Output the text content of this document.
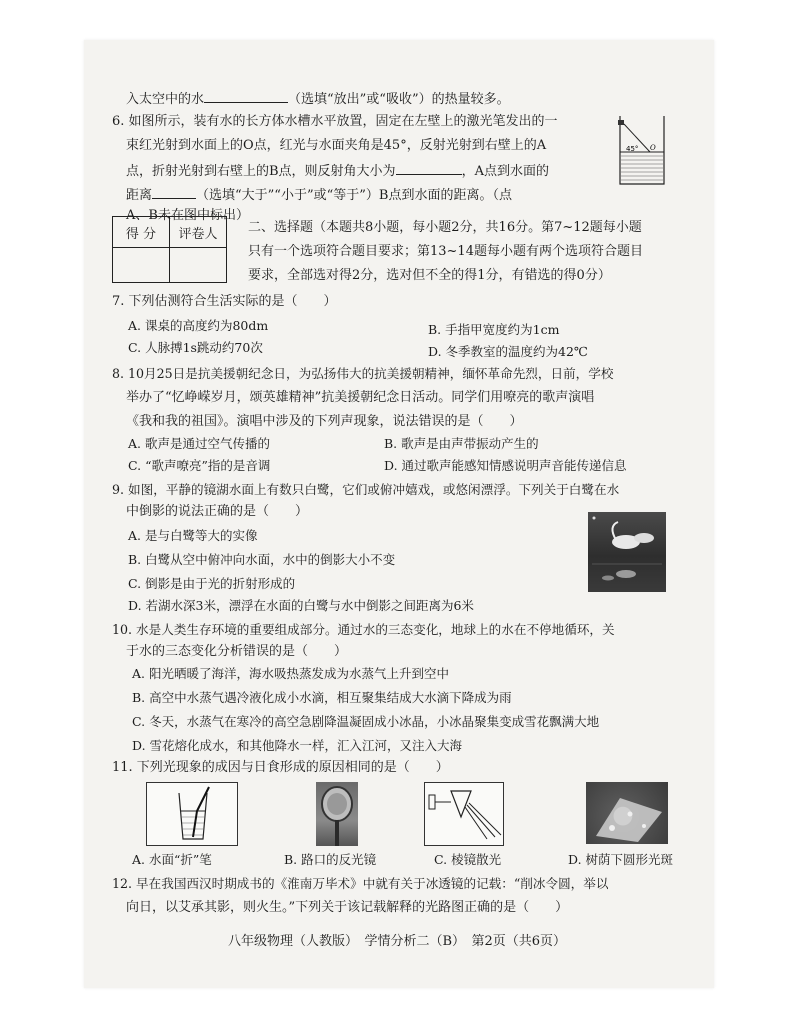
入太空中的水	（选填“放出”或“吸收”）的热量较多。
6. 如图所示，装有水的长方体水槽水平放置，固定在左壁上的激光笔发出的一
束红光射到水面上的O点，红光与水面夹角是45°，反射光射到右壁上的A
点，折射光射到右壁上的B点，则反射角大小为	，A点到水面的
距离	（选填“大于”“小于”或“等于”）B点到水面的距离。（点
A、B未在图中标出）
45° O
得 分	评卷人
	二、选择题（本题共8小题，每小题2分，共16分。第7~12题每小题
只有一个选项符合题目要求；第13~14题每小题有两个选项符合题目
要求，全部选对得2分，选对但不全的得1分，有错选的得0分）
7. 下列估测符合生活实际的是（　　）
A. 课桌的高度约为80dm	B. 手指甲宽度约为1cm
C. 人脉搏1s跳动约70次	D. 冬季教室的温度约为42℃
8. 10月25日是抗美援朝纪念日，为弘扬伟大的抗美援朝精神，缅怀革命先烈，日前，学校
举办了“忆峥嵘岁月，颂英雄精神”抗美援朝纪念日活动。同学们用嘹亮的歌声演唱
《我和我的祖国》。演唱中涉及的下列声现象，说法错误的是（　　）
A. 歌声是通过空气传播的	B. 歌声是由声带振动产生的
C. “歌声嘹亮”指的是音调	D. 通过歌声能感知情感说明声音能传递信息
9. 如图，平静的镜湖水面上有数只白鹭，它们或俯冲嬉戏，或悠闲漂浮。下列关于白鹭在水
中倒影的说法正确的是（　　）
A. 是与白鹭等大的实像
B. 白鹭从空中俯冲向水面，水中的倒影大小不变
C. 倒影是由于光的折射形成的
D. 若湖水深3米，漂浮在水面的白鹭与水中倒影之间距离为6米
10. 水是人类生存环境的重要组成部分。通过水的三态变化，地球上的水在不停地循环，关
于水的三态变化分析错误的是（　　）
A. 阳光晒暖了海洋，海水吸热蒸发成为水蒸气上升到空中
B. 高空中水蒸气遇冷液化成小水滴，相互聚集结成大水滴下降成为雨
C. 冬天，水蒸气在寒冷的高空急剧降温凝固成小冰晶，小冰晶聚集变成雪花飘满大地
D. 雪花熔化成水，和其他降水一样，汇入江河，又注入大海
11. 下列光现象的成因与日食形成的原因相同的是（　　）
A. 水面“折”笔	B. 路口的反光镜	C. 棱镜散光	D. 树荫下圆形光斑
12. 早在我国西汉时期成书的《淮南万毕术》中就有关于冰透镜的记载：“削冰令圆，举以
向日，以艾承其影，则火生。”下列关于该记载解释的光路图正确的是（　　）
八年级物理（人教版）　学情分析二（B）　第2页（共6页）
